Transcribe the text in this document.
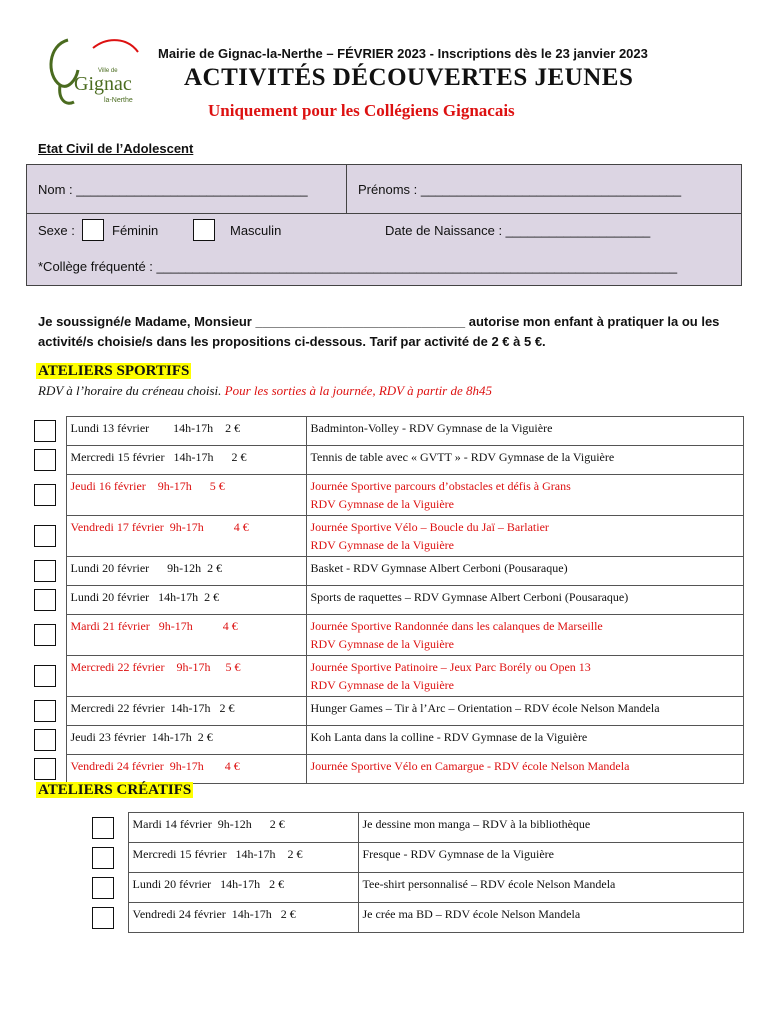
Gignac
Ville de
la-Nerthe
Mairie de Gignac-la-Nerthe – FÉVRIER 2023 - Inscriptions dès le 23 janvier 2023
ACTIVITÉS DÉCOUVERTES JEUNES
Uniquement pour les Collégiens Gignacais
Etat Civil de l’Adolescent
Nom : ________________________________	Prénoms : ____________________________________
Sexe :	Féminin	Masculin	Date de Naissance : ____________________
*Collège fréquenté : ________________________________________________________________________
Je soussigné/e Madame, Monsieur _____________________________ autorise mon enfant à pratiquer la ou les activité/s choisie/s dans les propositions ci-dessous. Tarif par activité de 2 € à 5 €.
ATELIERS SPORTIFS
RDV à l’horaire du créneau choisi. Pour les sorties à la journée, RDV à partir de 8h45
	Lundi 13 février        14h-17h    2 €	Badminton-Volley - RDV Gymnase de la Viguière

	Mercredi 15 février   14h-17h      2 €	Tennis de table avec « GVTT » - RDV Gymnase de la Viguière

	Jeudi 16 février    9h-17h      5 €	Journée Sportive parcours d’obstacles et défis à Grans
RDV Gymnase de la Viguière

	Vendredi 17 février  9h-17h          4 €	Journée Sportive Vélo – Boucle du Jaï – Barlatier
RDV Gymnase de la Viguière

	Lundi 20 février      9h-12h  2 €	Basket - RDV Gymnase Albert Cerboni (Pousaraque)

	Lundi 20 février   14h-17h  2 €	Sports de raquettes – RDV Gymnase Albert Cerboni (Pousaraque)

	Mardi 21 février   9h-17h          4 €	Journée Sportive Randonnée dans les calanques de Marseille
RDV Gymnase de la Viguière

	Mercredi 22 février    9h-17h     5 €	Journée Sportive Patinoire – Jeux Parc Borély ou Open 13
RDV Gymnase de la Viguière

	Mercredi 22 février  14h-17h   2 €	Hunger Games – Tir à l’Arc – Orientation – RDV école Nelson Mandela

	Jeudi 23 février  14h-17h  2 €	Koh Lanta dans la colline - RDV Gymnase de la Viguière

	Vendredi 24 février  9h-17h       4 €	Journée Sportive Vélo en Camargue - RDV école Nelson Mandela
ATELIERS CRÉATIFS
	Mardi 14 février  9h-12h      2 €	Je dessine mon manga – RDV à la bibliothèque

	Mercredi 15 février   14h-17h    2 €	Fresque - RDV Gymnase de la Viguière

	Lundi 20 février   14h-17h   2 €	Tee-shirt personnalisé – RDV école Nelson Mandela

	Vendredi 24 février  14h-17h   2 €	Je crée ma BD – RDV école Nelson Mandela
